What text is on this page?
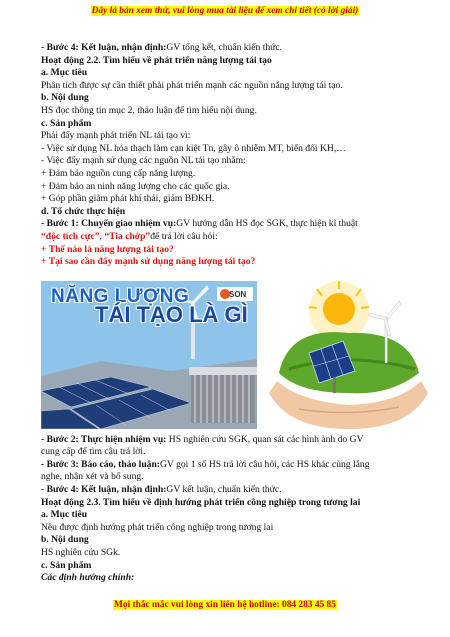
Đây là bản xem thử, vui lòng mua tài liệu để xem chi tiết (có lời giải)

- Bước 4: Kết luận, nhận định:GV tổng kết, chuẩn kiến thức.

Hoạt động 2.2. Tìm hiểu về phát triển năng lượng tái tạo

a. Mục tiêu

Phân tích được sự cần thiết phải phát triển mạnh các nguồn năng lượng tái tạo.

b. Nội dung

HS đọc thông tin mục 2, thảo luận để tìm hiểu nội dung.

c. Sản phẩm

Phải đẩy mạnh phát triển NL tái tạo vì:

- Việc sử dụng NL hóa thạch làm cạn kiệt Tn, gây ô nhiễm MT, biến đổi KH,…

- Việc đẩy mạnh sử dụng các nguồn NL tái tạo nhằm:

+ Đảm bảo nguồn cung cấp năng lượng.

+ Đảm bảo an ninh năng lượng cho các quốc gia.

+ Góp phần giảm phát khí thải, giảm BĐKH.

d. Tổ chức thực hiện

- Bước 1: Chuyển giao nhiệm vụ:GV hướng dẫn HS đọc SGK, thực hiện kĩ thuật

“độc tích cực”, “Tia chớp”để trả lời câu hỏi:

+ Thế nào là năng lượng tái tạo?

+ Tại sao cần đẩy mạnh sử dụng năng lượng tái tạo?

NĂNG LƯỢNG
TÁI TẠO LÀ GÌ
SON

- Bước 2: Thực hiện nhiệm vụ: HS nghiên cứu SGK, quan sát các hình ảnh do GV

cung cấp để tìm câu trả lời.

- Bước 3: Báo cáo, thảo luận:GV gọi 1 số HS trả lời câu hỏi, các HS khác cùng lắng

nghe, nhận xét và bổ sung.

- Bước 4: Kết luận, nhận định:GV kết luận, chuẩn kiến thức.

Hoạt động 2.3. Tìm hiểu về định hướng phát triển công nghiệp trong tương lai

a. Mục tiêu

Nêu được định hướng phát triển công nghiệp trong tương lai

b. Nội dung

HS nghiên cứu SGk.

c. Sản phẩm

Các định hướng chính:

Mọi thắc mắc vui lòng xin liên hệ hotline: 084 283 45 85
